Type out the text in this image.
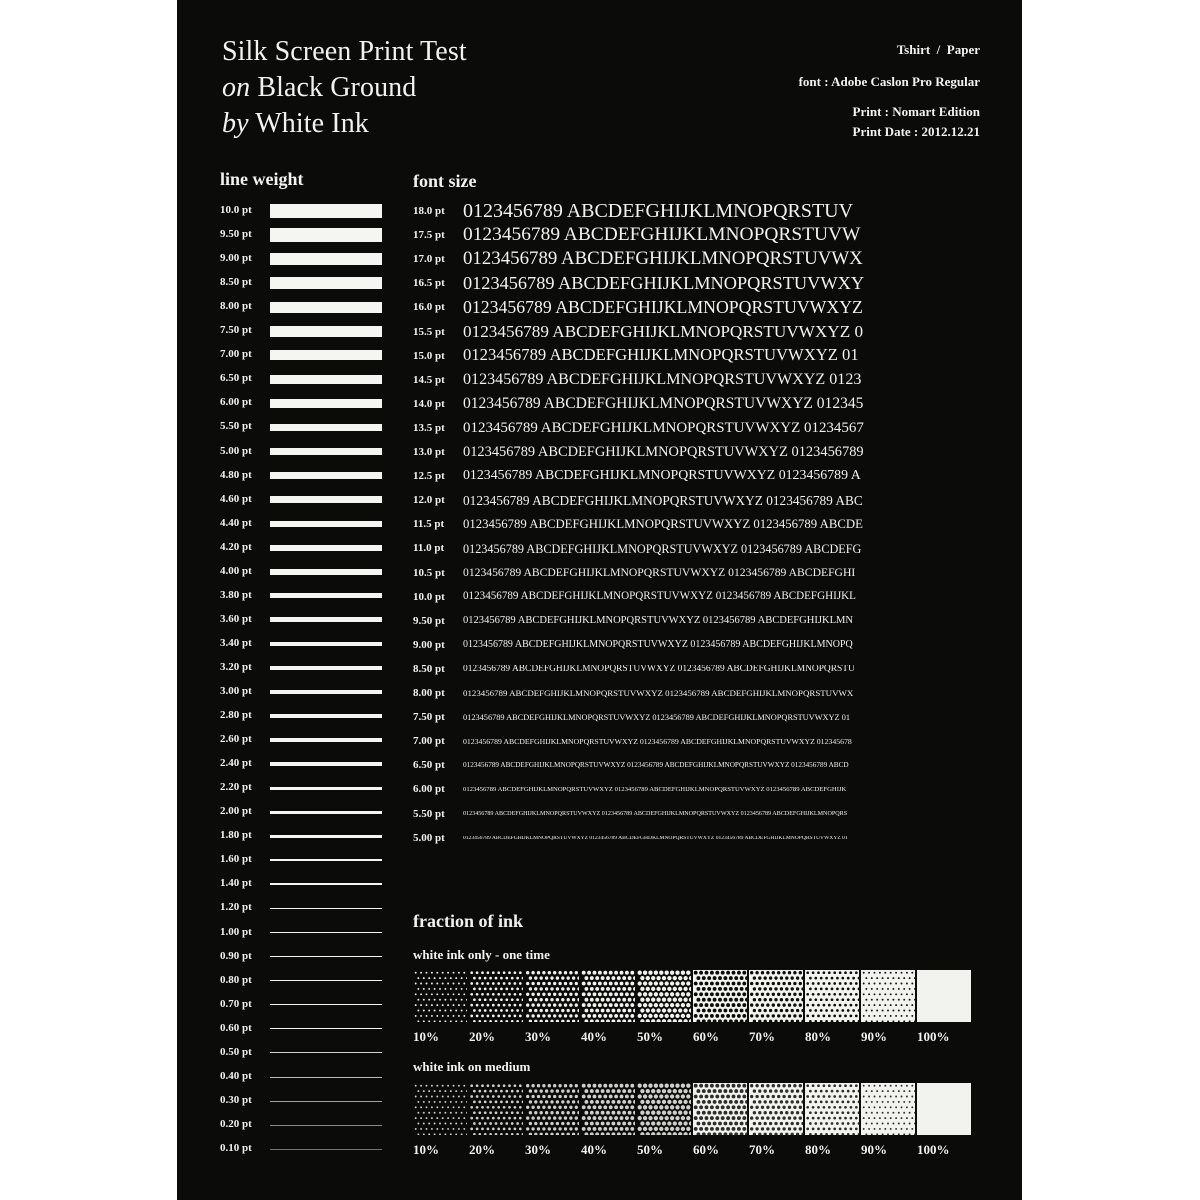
Silk Screen Print Test
on Black Ground
by White Ink
Tshirt  /  Paper
font : Adobe Caslon Pro Regular
Print : Nomart Edition
Print Date : 2012.12.21
line weight	font size
10.0 pt
9.50 pt
9.00 pt
8.50 pt
8.00 pt
7.50 pt
7.00 pt
6.50 pt
6.00 pt
5.50 pt
5.00 pt
4.80 pt
4.60 pt
4.40 pt
4.20 pt
4.00 pt
3.80 pt
3.60 pt
3.40 pt
3.20 pt
3.00 pt
2.80 pt
2.60 pt
2.40 pt
2.20 pt
2.00 pt
1.80 pt
1.60 pt
1.40 pt
1.20 pt
1.00 pt
0.90 pt
0.80 pt
0.70 pt
0.60 pt
0.50 pt
0.40 pt
0.30 pt
0.20 pt
0.10 pt
18.0 pt 0123456789 ABCDEFGHIJKLMNOPQRSTUV
17.5 pt 0123456789 ABCDEFGHIJKLMNOPQRSTUVW
17.0 pt 0123456789 ABCDEFGHIJKLMNOPQRSTUVWX
16.5 pt 0123456789 ABCDEFGHIJKLMNOPQRSTUVWXY
16.0 pt 0123456789 ABCDEFGHIJKLMNOPQRSTUVWXYZ
15.5 pt 0123456789 ABCDEFGHIJKLMNOPQRSTUVWXYZ 0
15.0 pt 0123456789 ABCDEFGHIJKLMNOPQRSTUVWXYZ 01
14.5 pt 0123456789 ABCDEFGHIJKLMNOPQRSTUVWXYZ 0123
14.0 pt 0123456789 ABCDEFGHIJKLMNOPQRSTUVWXYZ 012345
13.5 pt 0123456789 ABCDEFGHIJKLMNOPQRSTUVWXYZ 01234567
13.0 pt 0123456789 ABCDEFGHIJKLMNOPQRSTUVWXYZ 0123456789
12.5 pt 0123456789 ABCDEFGHIJKLMNOPQRSTUVWXYZ 0123456789 A
12.0 pt 0123456789 ABCDEFGHIJKLMNOPQRSTUVWXYZ 0123456789 ABC
11.5 pt 0123456789 ABCDEFGHIJKLMNOPQRSTUVWXYZ 0123456789 ABCDE
11.0 pt 0123456789 ABCDEFGHIJKLMNOPQRSTUVWXYZ 0123456789 ABCDEFG
10.5 pt 0123456789 ABCDEFGHIJKLMNOPQRSTUVWXYZ 0123456789 ABCDEFGHI
10.0 pt 0123456789 ABCDEFGHIJKLMNOPQRSTUVWXYZ 0123456789 ABCDEFGHIJKL
9.50 pt 0123456789 ABCDEFGHIJKLMNOPQRSTUVWXYZ 0123456789 ABCDEFGHIJKLMN
9.00 pt 0123456789 ABCDEFGHIJKLMNOPQRSTUVWXYZ 0123456789 ABCDEFGHIJKLMNOPQ
8.50 pt 0123456789 ABCDEFGHIJKLMNOPQRSTUVWXYZ 0123456789 ABCDEFGHIJKLMNOPQRSTU
8.00 pt 0123456789 ABCDEFGHIJKLMNOPQRSTUVWXYZ 0123456789 ABCDEFGHIJKLMNOPQRSTUVWX
7.50 pt 0123456789 ABCDEFGHIJKLMNOPQRSTUVWXYZ 0123456789 ABCDEFGHIJKLMNOPQRSTUVWXYZ 01
7.00 pt 0123456789 ABCDEFGHIJKLMNOPQRSTUVWXYZ 0123456789 ABCDEFGHIJKLMNOPQRSTUVWXYZ 012345678
6.50 pt	0123456789 ABCDEFGHIJKLMNOPQRSTUVWXYZ 0123456789 ABCDEFGHIJKLMNOPQRSTUVWXYZ 0123456789 ABCD
6.00 pt	0123456789 ABCDEFGHIJKLMNOPQRSTUVWXYZ 0123456789 ABCDEFGHIJKLMNOPQRSTUVWXYZ 0123456789 ABCDEFGHIJK
5.50 pt	0123456789 ABCDEFGHIJKLMNOPQRSTUVWXYZ 0123456789 ABCDEFGHIJKLMNOPQRSTUVWXYZ 0123456789 ABCDEFGHIJKLMNOPQRS
5.00 pt	0123456789 ABCDEFGHIJKLMNOPQRSTUVWXYZ 0123456789 ABCDEFGHIJKLMNOPQRSTUVWXYZ 0123456789 ABCDEFGHIJKLMNOPQRSTUVWXYZ 01
fraction of ink
white ink only - one time
white ink on medium
10% 20% 30% 40% 50% 60% 70% 80% 90% 100%
10% 20% 30% 40% 50% 60% 70% 80% 90% 100%
